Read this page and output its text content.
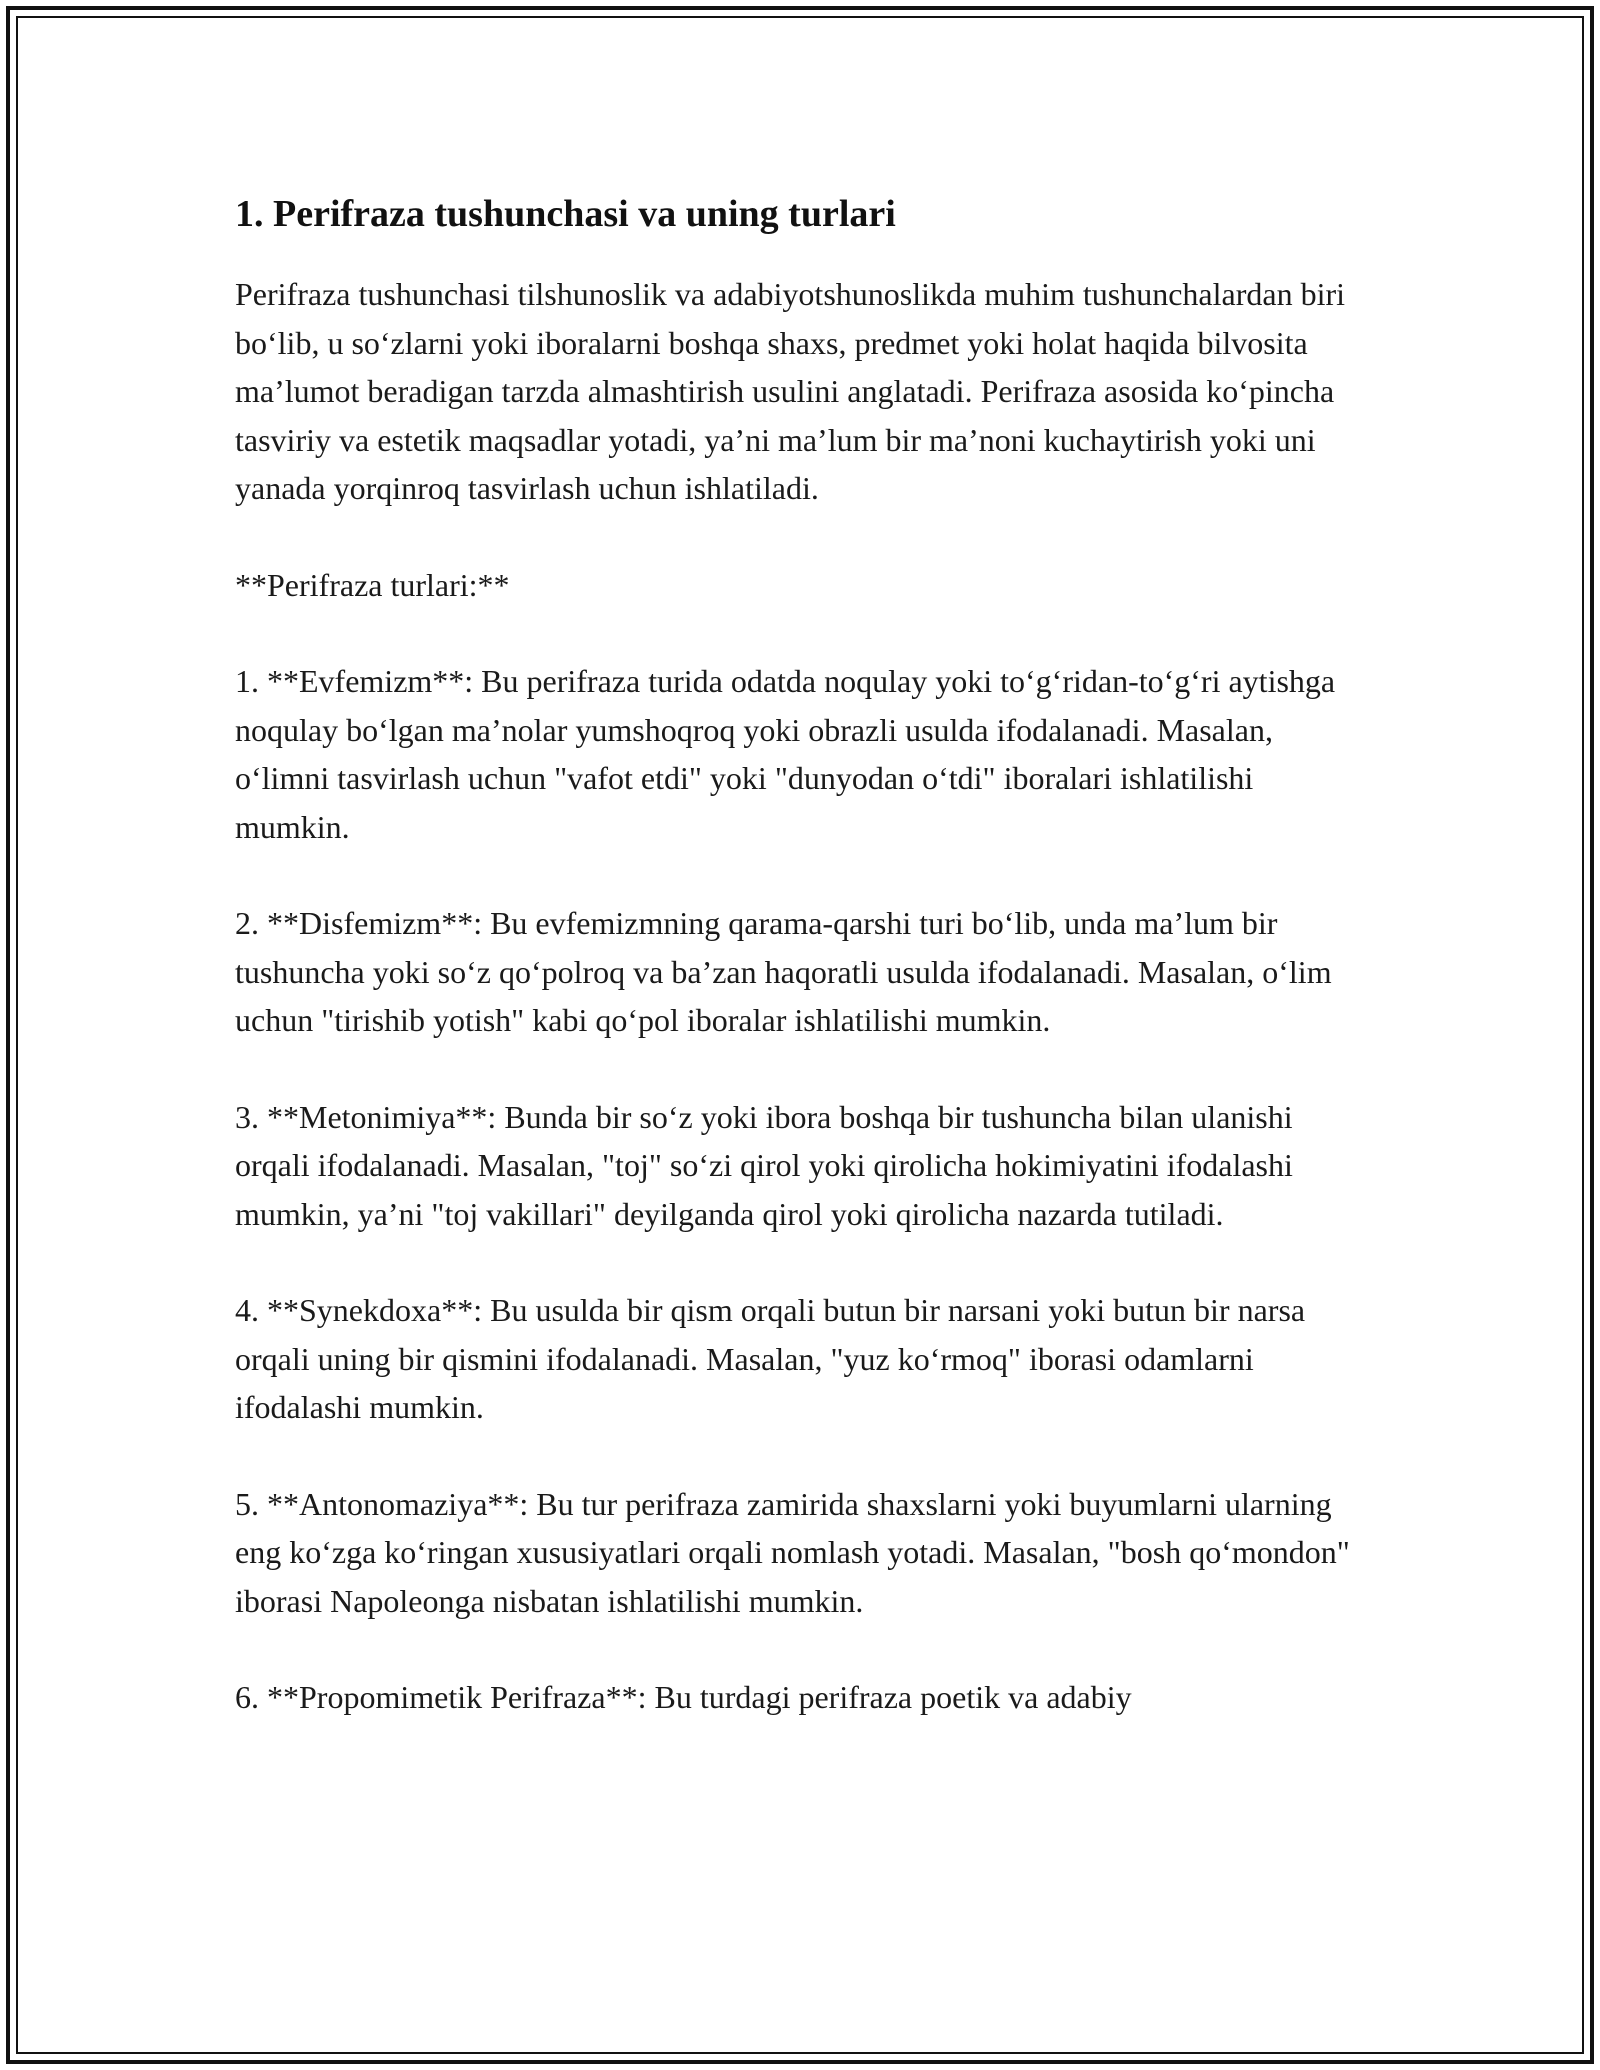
1. Perifraza tushunchasi va uning turlari

Perifraza tushunchasi tilshunoslik va adabiyotshunoslikda muhim tushunchalardan biri bo‘lib, u so‘zlarni yoki iboralarni boshqa shaxs, predmet yoki holat haqida bilvosita ma’lumot beradigan tarzda almashtirish usulini anglatadi. Perifraza asosida ko‘pincha tasviriy va estetik maqsadlar yotadi, ya’ni ma’lum bir ma’noni kuchaytirish yoki uni yanada yorqinroq tasvirlash uchun ishlatiladi.

**Perifraza turlari:**

1. **Evfemizm**: Bu perifraza turida odatda noqulay yoki to‘g‘ridan-to‘g‘ri aytishga noqulay bo‘lgan ma’nolar yumshoqroq yoki obrazli usulda ifodalanadi. Masalan, o‘limni tasvirlash uchun "vafot etdi" yoki "dunyodan o‘tdi" iboralari ishlatilishi mumkin.

2. **Disfemizm**: Bu evfemizmning qarama-qarshi turi bo‘lib, unda ma’lum bir tushuncha yoki so‘z qo‘polroq va ba’zan haqoratli usulda ifodalanadi. Masalan, o‘lim uchun "tirishib yotish" kabi qo‘pol iboralar ishlatilishi mumkin.

3. **Metonimiya**: Bunda bir so‘z yoki ibora boshqa bir tushuncha bilan ulanishi orqali ifodalanadi. Masalan, "toj" so‘zi qirol yoki qirolicha hokimiyatini ifodalashi mumkin, ya’ni "toj vakillari" deyilganda qirol yoki qirolicha nazarda tutiladi.

4. **Synekdoxa**: Bu usulda bir qism orqali butun bir narsani yoki butun bir narsa orqali uning bir qismini ifodalanadi. Masalan, "yuz ko‘rmoq" iborasi odamlarni ifodalashi mumkin.

5. **Antonomaziya**: Bu tur perifraza zamirida shaxslarni yoki buyumlarni ularning eng ko‘zga ko‘ringan xususiyatlari orqali nomlash yotadi. Masalan, "bosh qo‘mondon" iborasi Napoleonga nisbatan ishlatilishi mumkin.

6. **Propomimetik Perifraza**: Bu turdagi perifraza poetik va adabiy
